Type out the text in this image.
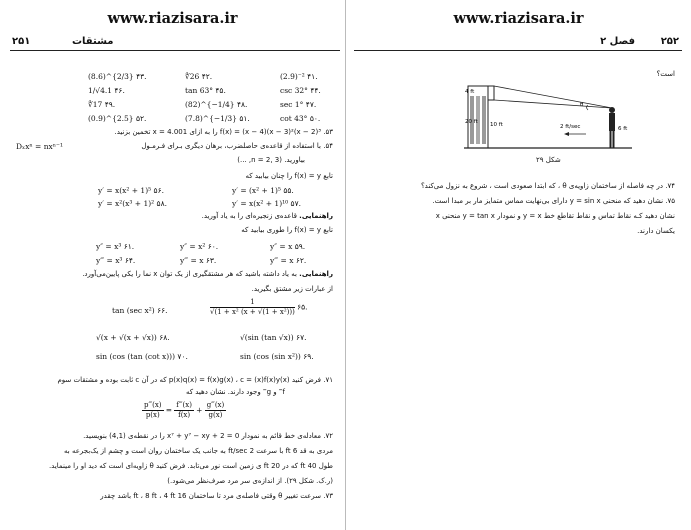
www.riazisara.ir
۲۵۱	مشتقات
(2.9)⁻² ۴۱.
∜26 ۴۲.
(8.6)^{2/3} ۴۳.
csc 32° ۴۴.
tan 63° ۴۵.
1/√4.1 ۴۶.
sec 1° ۴۷.
(82)^{−1/4} ۴۸.
∜17 ۴۹.
cot 43° ۵۰.
(7.8)^{−1/3} ۵۱.
(0.9)^{2.5} ۵۲.
۵۳. f(x) = (x − 4)(x − 3)²(x − 2)³ را به ازای 4.001 = x تخمین بزنید.
۵۴. با استفاده از قاعده‌ی حاصلضرب، برهان دیگری بـرای فـرمـول
Dₓxⁿ = nxⁿ⁻¹
بیاورید. (n = 2, 3, ...)
تابع f(x) = y را چنان بیابید که
y′ = (x² + 1)⁵ ۵۵.
y′ = x(x² + 1)⁵ ۵۶.
y′ = x(x² + 1)¹⁰ ۵۷.
y′ = x²(x³ + 1)² ۵۸.
راهنمایی. قاعده‌ی زنجیره‌ای را به یاد آورید.
تابع f(x) = y را طوری بیابید که
y″ = x ۵۹.
y″ = x² ۶۰.
y″ = x³ ۶۱.
y‴ = x ۶۲.
y‴ = x ۶۳.
y‴ = x³ ۶۴.
راهنمایی. به یاد داشته باشید که هر مشتقگیری از یک توان x نما را یکی پایین‌می‌آورد.
از عبارات زیر مشتق بگیرید.
$\frac{1}{\text{√(1 + x² (x + √(1 + x²)))}}$ ۶۵.
tan (sec x²) ۶۶.
√(sin (tan √x)) ۶۷.
√(x + √(x + √x)) ۶۸.
sin (cos (sin x²)) ۶۹.
sin (cos (tan (cot x))) ۷۰.
۷۱. فرض کنید p(x)q(x) = f(x)g(x) ، c = (x)f(x)y(x) که در آن c ثابت بوده و مشتقات سوم
f‴ و g‴ وجود دارند. نشان دهید که
$\frac{p‴(x)}{p(x)} = \frac{f‴(x)}{f(x)} + \frac{g‴(x)}{g(x)}$
۷۲. معادله‌ی خط قائم به نمودار x⁷ + y⁷ − xy + 2 = 0 را در نقطه‌ی (4,1) بنویسید.
مردی به قد 6 ft با سرعت 2 ft/sec به جانب یک ساختمان روان است و چشم از یک‌بجرعه به
طول 40 ft که در 20 ft ی زمین است نور می‌تابد. فرض کنید θ زاویه‌ای است که دید او را مینماید.
(ر.ک. شکل ۲۹). از اندازه‌ی سر مرد صرف‌نظر می‌شود.)
۷۳. سرعت تغییر θ وقتی فاصله‌ی مرد تا ساختمان 16 ft ، 8 ft ، 4 ft باشد چقدر
www.riazisara.ir
۲۵۲
فصل ۲
است؟
4 ft
20 ft 10 ft	2 ft/sec	6 ft
θ
شکل ۲۹
۷۴. در چه فاصله از ساختمان زاویه‌ی θ ، که ابتدا صعودی است ، شروع به نزول می‌کند؟
۷۵. نشان دهید که منحنی y = sin x دارای بی‌نهایت مماس متمایز مار بر مبدا است.
نشان دهید کـه نقاط تماس و نقاط تقاطع خط y = x و نمودار y = tan x منحنی x
یکسان دارند.
